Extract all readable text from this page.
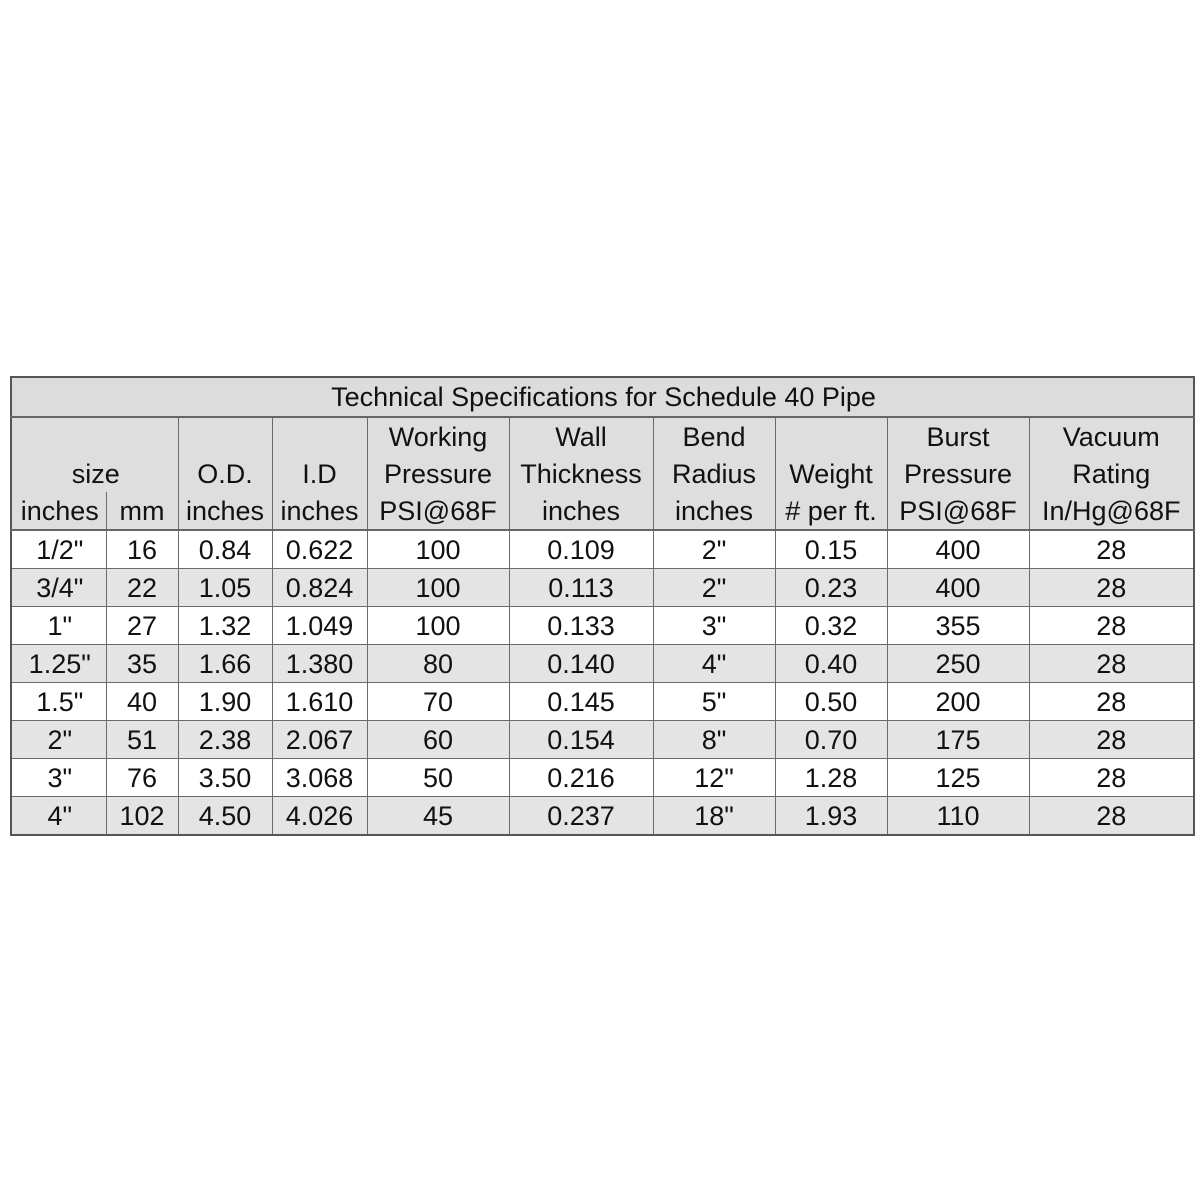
Technical Specifications for Schedule 40 Pipe									
				Working	Wall	Bend		Burst	Vacuum
size		O.D.	I.D	Pressure	Thickness	Radius	Weight	Pressure	Rating
inches	mm	inches	inches	PSI@68F	inches	inches	# per ft.	PSI@68F	In/Hg@68F
1/2"	16	0.84	0.622	100	0.109	2"	0.15	400	28
3/4"	22	1.05	0.824	100	0.113	2"	0.23	400	28
1"	27	1.32	1.049	100	0.133	3"	0.32	355	28
1.25"	35	1.66	1.380	80	0.140	4"	0.40	250	28
1.5"	40	1.90	1.610	70	0.145	5"	0.50	200	28
2"	51	2.38	2.067	60	0.154	8"	0.70	175	28
3"	76	3.50	3.068	50	0.216	12"	1.28	125	28
4"	102	4.50	4.026	45	0.237	18"	1.93	110	28
